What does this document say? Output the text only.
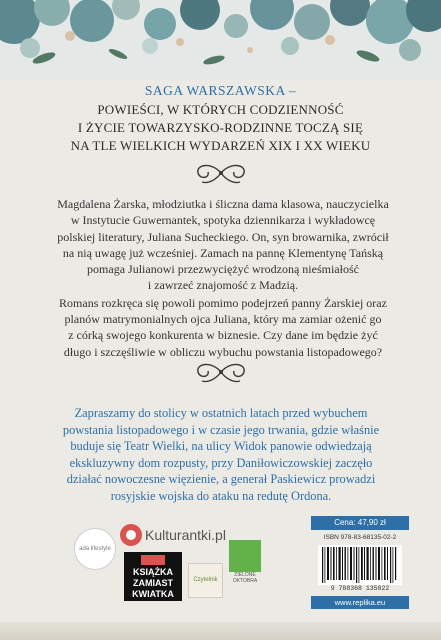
SAGA WARSZAWSKA –
POWIEŚCI, W KTÓRYCH CODZIENNOŚĆ
I ŻYCIE TOWARZYSKO-RODZINNE TOCZĄ SIĘ
NA TLE WIELKICH WYDARZEŃ XIX I XX WIEKU

Magdalena Żarska, młodziutka i śliczna dama klasowa, nauczycielka
w Instytucie Guwernantek, spotyka dziennikarza i wykładowcę
polskiej literatury, Juliana Sucheckiego. On, syn browarnika, zwrócił
na nią uwagę już wcześniej. Zamach na pannę Klementynę Tańską
pomaga Julianowi przezwyciężyć wrodzoną nieśmiałość
i zawrzeć znajomość z Madzią.

Romans rozkręca się powoli pomimo podejrzeń panny Żarskiej oraz
planów matrymonialnych ojca Juliana, który ma zamiar ożenić go
z córką swojego konkurenta w biznesie. Czy dane im będzie żyć
długo i szczęśliwie w obliczu wybuchu powstania listopadowego?

Zapraszamy do stolicy w ostatnich latach przed wybuchem
powstania listopadowego i w czasie jego trwania, gdzie właśnie
buduje się Teatr Wielki, na ulicy Widok panowie odwiedzają
ekskluzywny dom rozpusty, przy Daniłowiczowskiej zaczęło
działać nowoczesne więzienie, a generał Paskiewicz prowadzi
rosyjskie wojska do ataku na redutę Ordona.
ada lifestyle
Kulturantki.pl
KSIĄŻKA
ZAMIAST
KWIATKA
Czytelnik
ZIELONE OKTOBRA
Cena: 47,90 zł
ISBN 978-83-68135-02-2
9 788368 135022
www.replika.eu
